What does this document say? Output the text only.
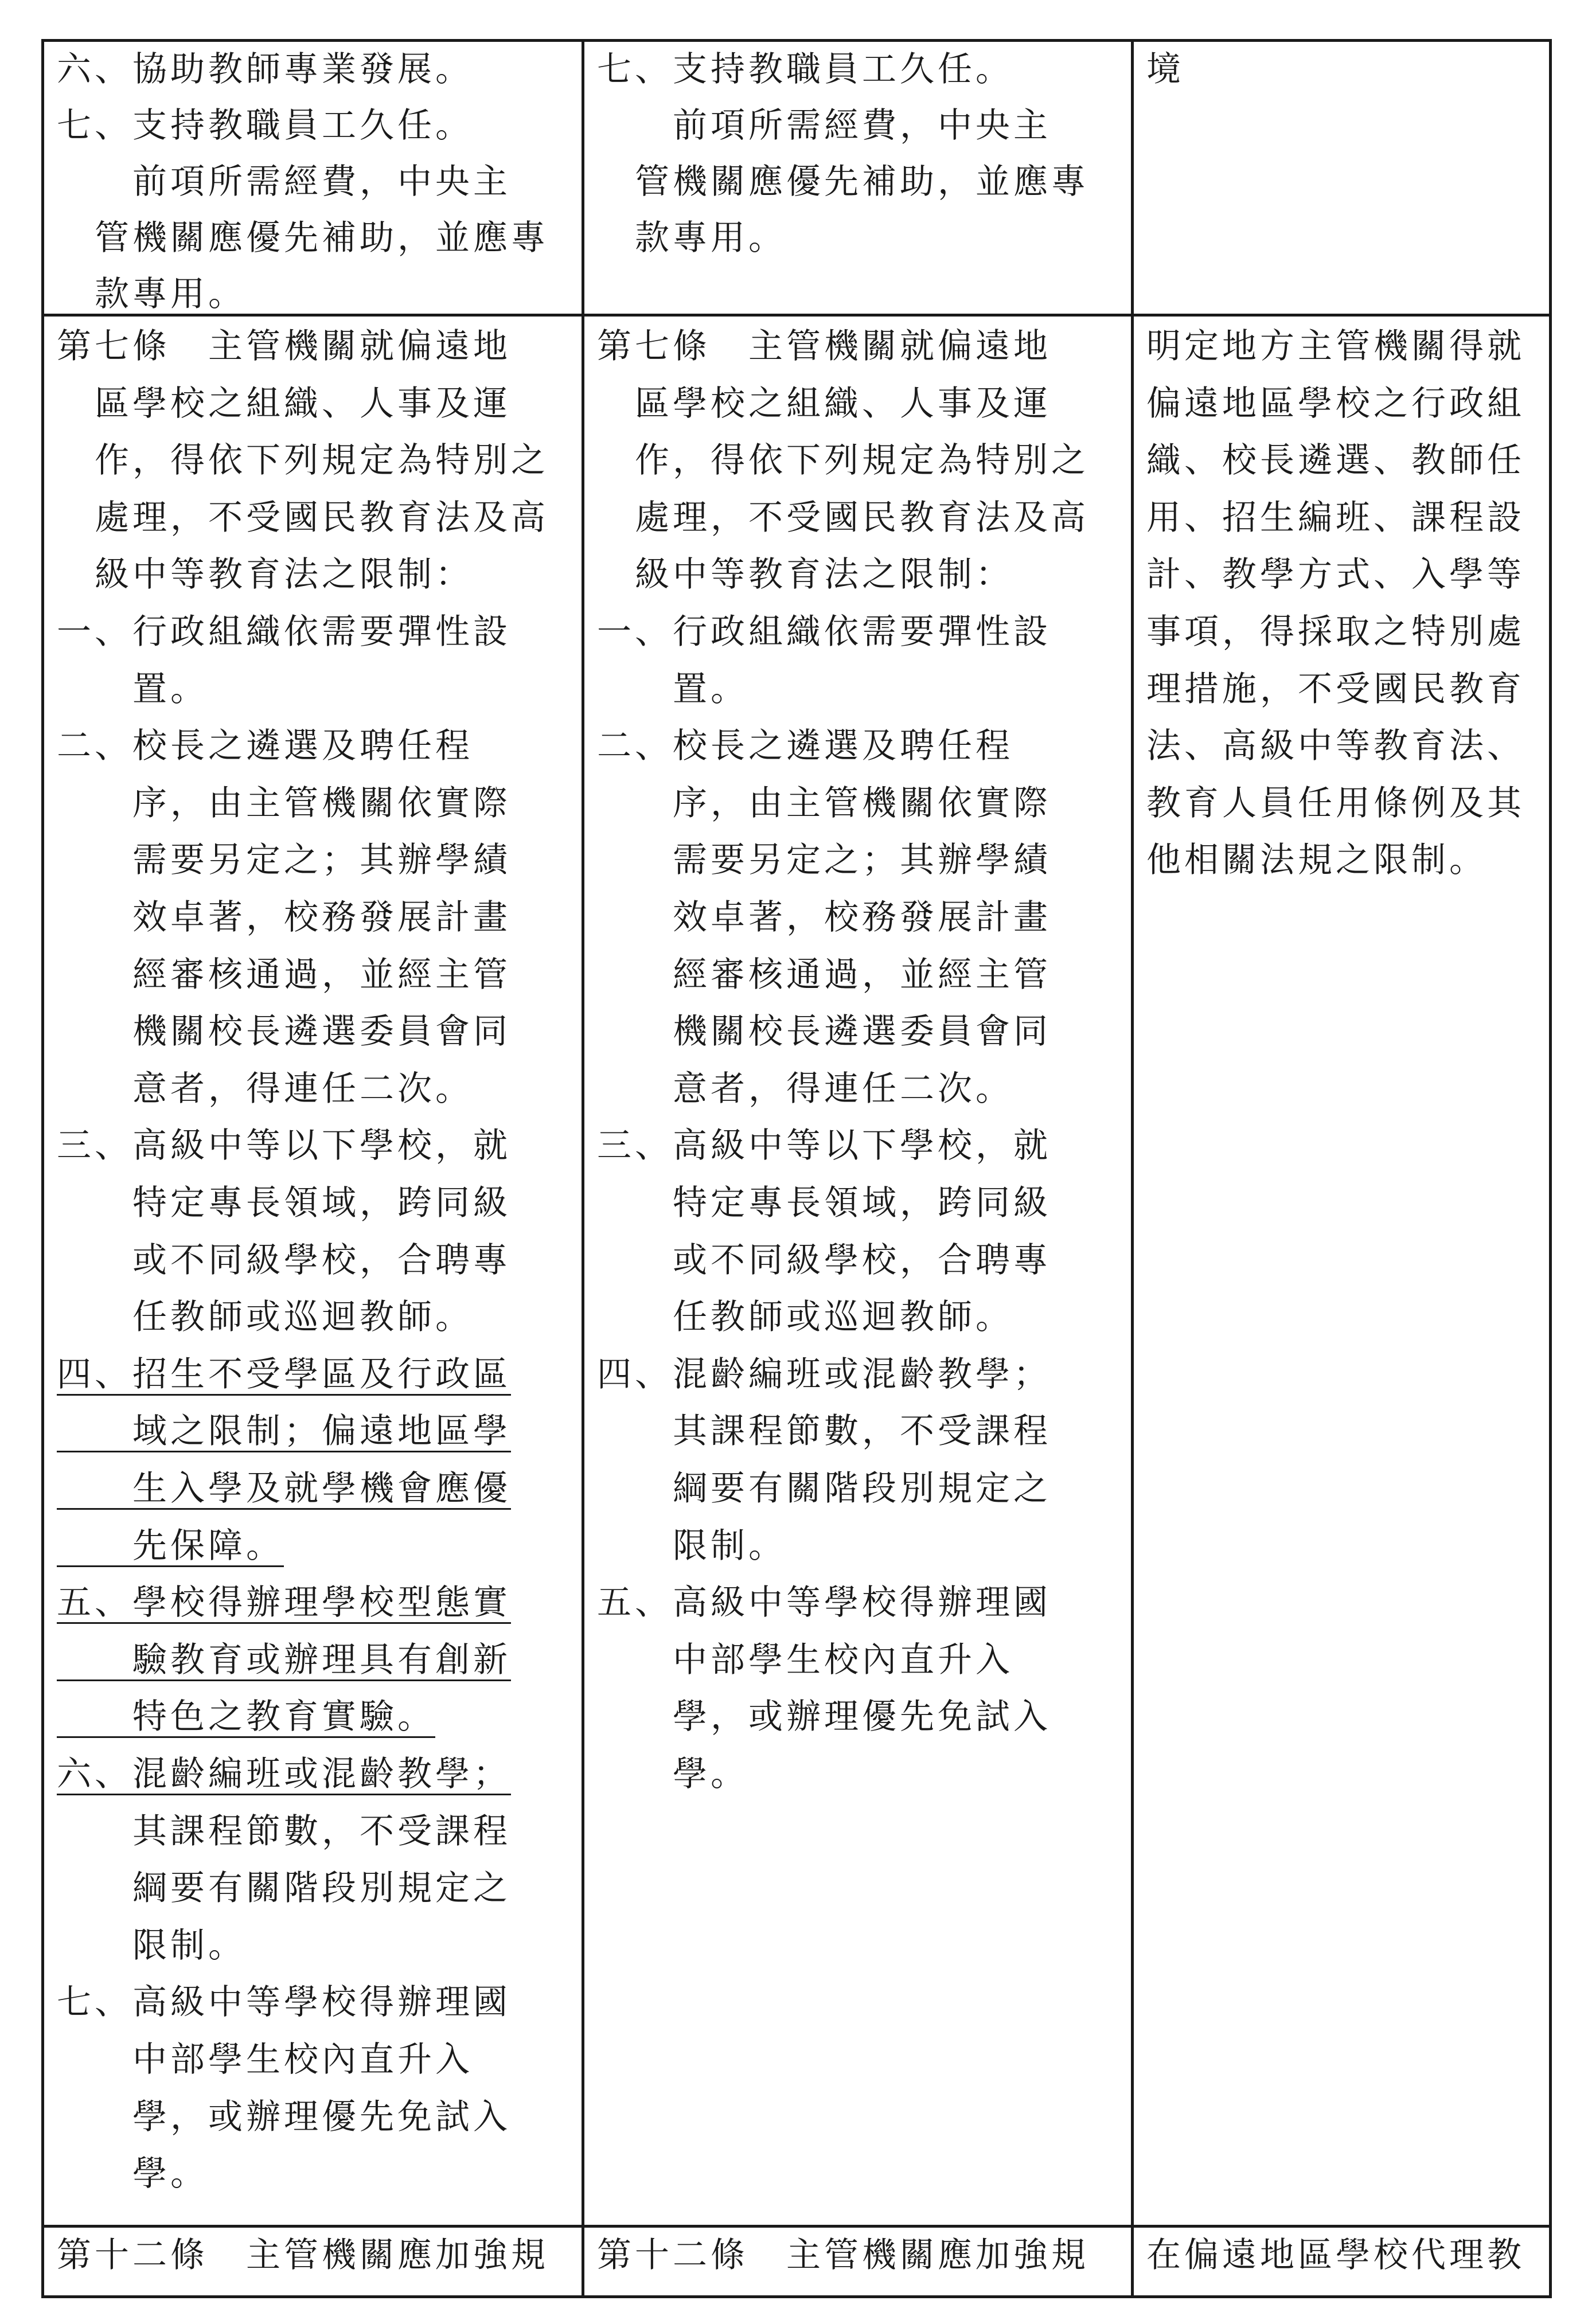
六、協助教師專業發展。
七、支持教職員工久任。
　　前項所需經費，中央主
　管機關應優先補助，並應專
　款專用。
七、支持教職員工久任。
　　前項所需經費，中央主
　管機關應優先補助，並應專
　款專用。
境
第七條　主管機關就偏遠地
　區學校之組織、人事及運
　作，得依下列規定為特別之
　處理，不受國民教育法及高
　級中等教育法之限制：
一、行政組織依需要彈性設
　　置。
二、校長之遴選及聘任程
　　序，由主管機關依實際
　　需要另定之；其辦學績
　　效卓著，校務發展計畫
　　經審核通過，並經主管
　　機關校長遴選委員會同
　　意者，得連任二次。
三、高級中等以下學校，就
　　特定專長領域，跨同級
　　或不同級學校，合聘專
　　任教師或巡迴教師。
四、招生不受學區及行政區
　　域之限制；偏遠地區學
　　生入學及就學機會應優
　　先保障。
五、學校得辦理學校型態實
　　驗教育或辦理具有創新
　　特色之教育實驗。
六、混齡編班或混齡教學；
　　其課程節數，不受課程
　　綱要有關階段別規定之
　　限制。
七、高級中等學校得辦理國
　　中部學生校內直升入
　　學，或辦理優先免試入
　　學。
第七條　主管機關就偏遠地
　區學校之組織、人事及運
　作，得依下列規定為特別之
　處理，不受國民教育法及高
　級中等教育法之限制：
一、行政組織依需要彈性設
　　置。
二、校長之遴選及聘任程
　　序，由主管機關依實際
　　需要另定之；其辦學績
　　效卓著，校務發展計畫
　　經審核通過，並經主管
　　機關校長遴選委員會同
　　意者，得連任二次。
三、高級中等以下學校，就
　　特定專長領域，跨同級
　　或不同級學校，合聘專
　　任教師或巡迴教師。
四、混齡編班或混齡教學；
　　其課程節數，不受課程
　　綱要有關階段別規定之
　　限制。
五、高級中等學校得辦理國
　　中部學生校內直升入
　　學，或辦理優先免試入
　　學。
明定地方主管機關得就
偏遠地區學校之行政組
織、校長遴選、教師任
用、招生編班、課程設
計、教學方式、入學等
事項，得採取之特別處
理措施，不受國民教育
法、高級中等教育法、
教育人員任用條例及其
他相關法規之限制。
第十二條　主管機關應加強規 第十二條　主管機關應加強規 在偏遠地區學校代理教
